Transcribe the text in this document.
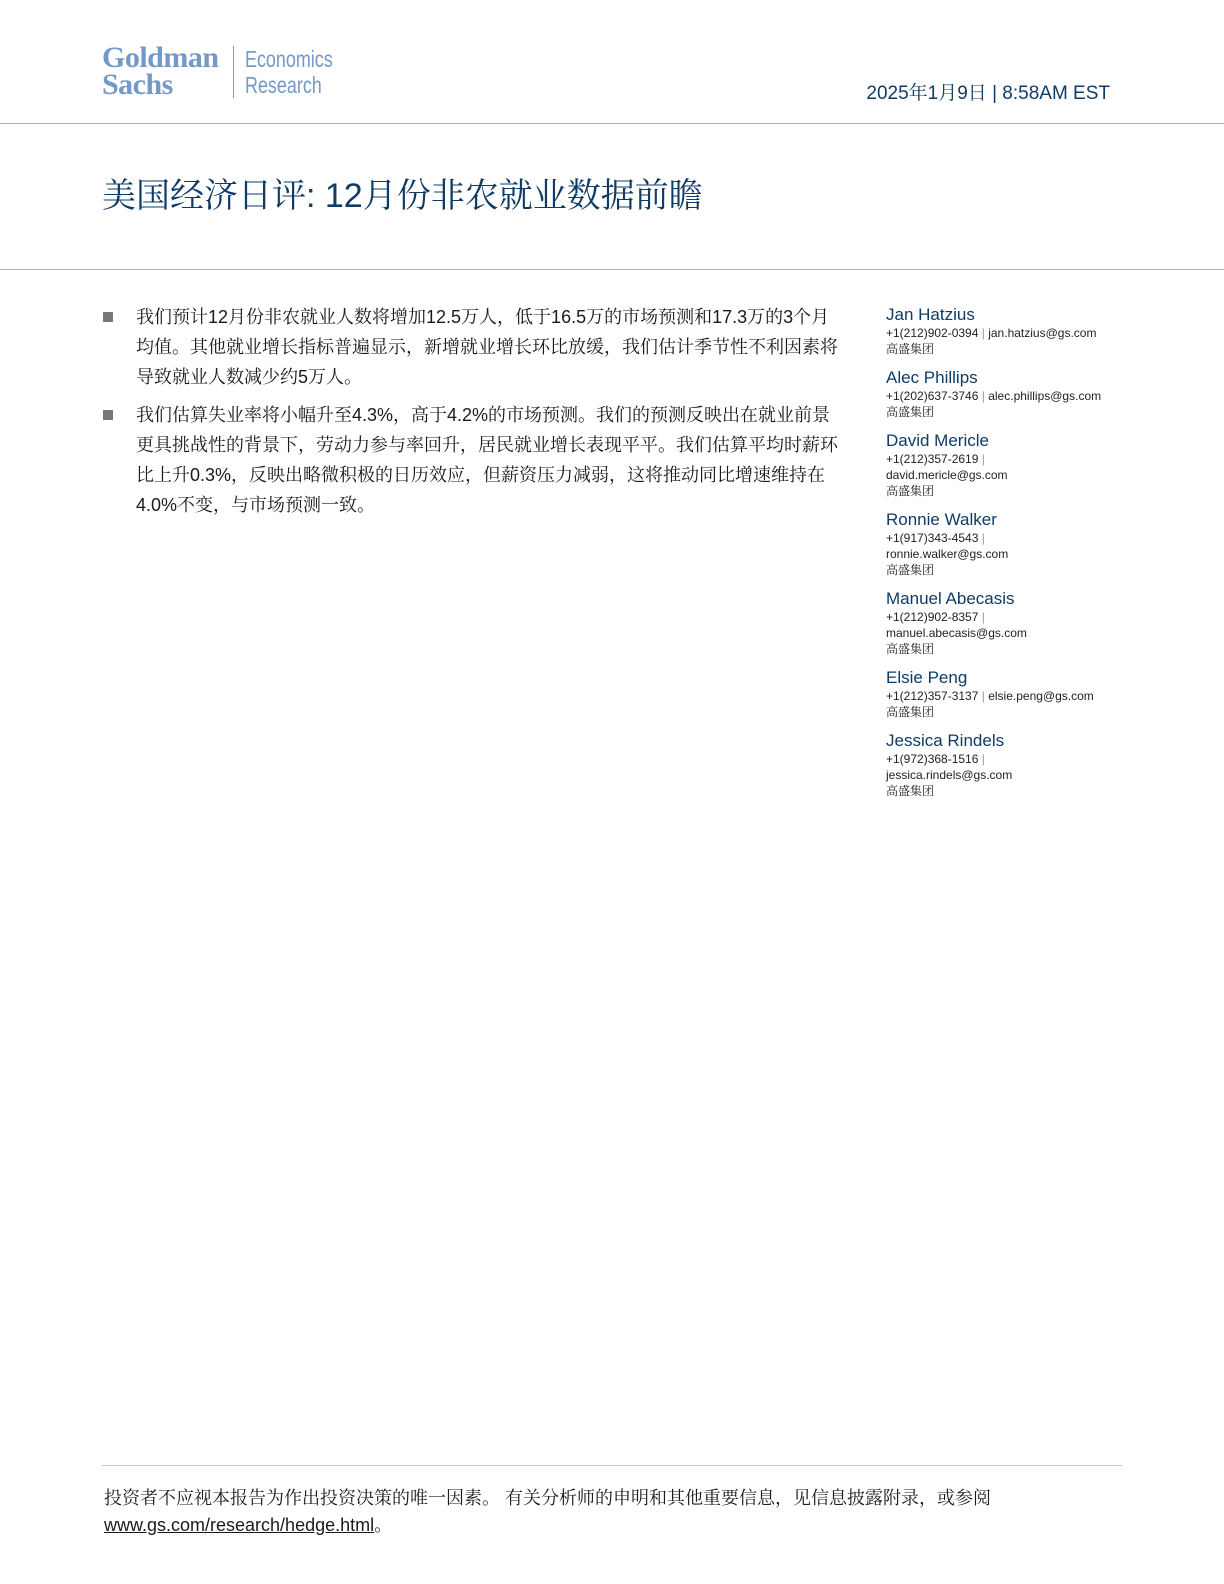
Goldman
Sachs
Economics
Research	2025年1月9日 | 8:58AM EST
美国经济日评: 12月份非农就业数据前瞻
我们预计12月份非农就业人数将增加12.5万人，低于16.5万的市场预测和17.3万的3个月均值。其他就业增长指标普遍显示，新增就业增长环比放缓，我们估计季节性不利因素将导致就业人数减少约5万人。
我们估算失业率将小幅升至4.3%，高于4.2%的市场预测。我们的预测反映出在就业前景更具挑战性的背景下，劳动力参与率回升，居民就业增长表现平平。我们估算平均时薪环比上升0.3%，反映出略微积极的日历效应，但薪资压力减弱，这将推动同比增速维持在4.0%不变，与市场预测一致。
Jan Hatzius
+1(212)902-0394 | jan.hatzius@gs.com
高盛集团
Alec Phillips
+1(202)637-3746 | alec.phillips@gs.com
高盛集团
David Mericle
+1(212)357-2619 |
david.mericle@gs.com
高盛集团
Ronnie Walker
+1(917)343-4543 |
ronnie.walker@gs.com
高盛集团
Manuel Abecasis
+1(212)902-8357 |
manuel.abecasis@gs.com
高盛集团
Elsie Peng
+1(212)357-3137 | elsie.peng@gs.com
高盛集团
Jessica Rindels
+1(972)368-1516 |
jessica.rindels@gs.com
高盛集团
投资者不应视本报告为作出投资决策的唯一因素。 有关分析师的申明和其他重要信息，见信息披露附录，或参阅
www.gs.com/research/hedge.html。
